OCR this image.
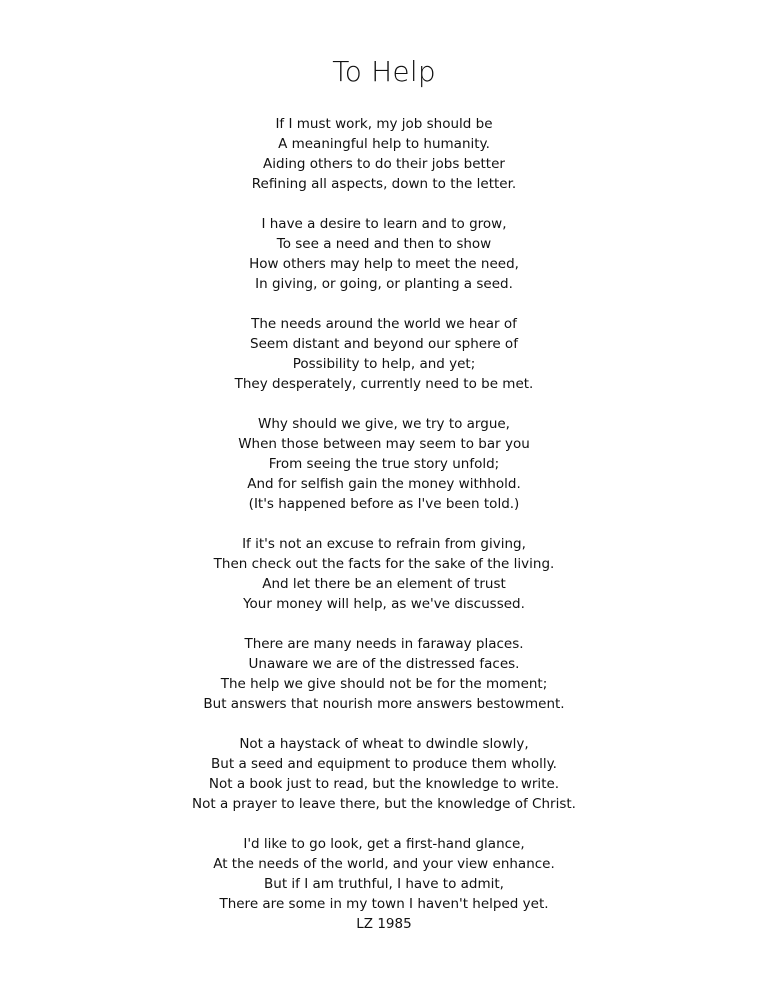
To Help
If I must work, my job should be
A meaningful help to humanity.
Aiding others to do their jobs better
Refining all aspects, down to the letter.
I have a desire to learn and to grow,
To see a need and then to show
How others may help to meet the need,
In giving, or going, or planting a seed.
The needs around the world we hear of
Seem distant and beyond our sphere of
Possibility to help, and yet;
They desperately, currently need to be met.
Why should we give, we try to argue,
When those between may seem to bar you
From seeing the true story unfold;
And for selfish gain the money withhold.
(It's happened before as I've been told.)
If it's not an excuse to refrain from giving,
Then check out the facts for the sake of the living.
And let there be an element of trust
Your money will help, as we've discussed.
There are many needs in faraway places.
Unaware we are of the distressed faces.
The help we give should not be for the moment;
But answers that nourish more answers bestowment.
Not a haystack of wheat to dwindle slowly,
But a seed and equipment to produce them wholly.
Not a book just to read, but the knowledge to write.
Not a prayer to leave there, but the knowledge of Christ.
I'd like to go look, get a first-hand glance,
At the needs of the world, and your view enhance.
But if I am truthful, I have to admit,
There are some in my town I haven't helped yet.
LZ 1985
